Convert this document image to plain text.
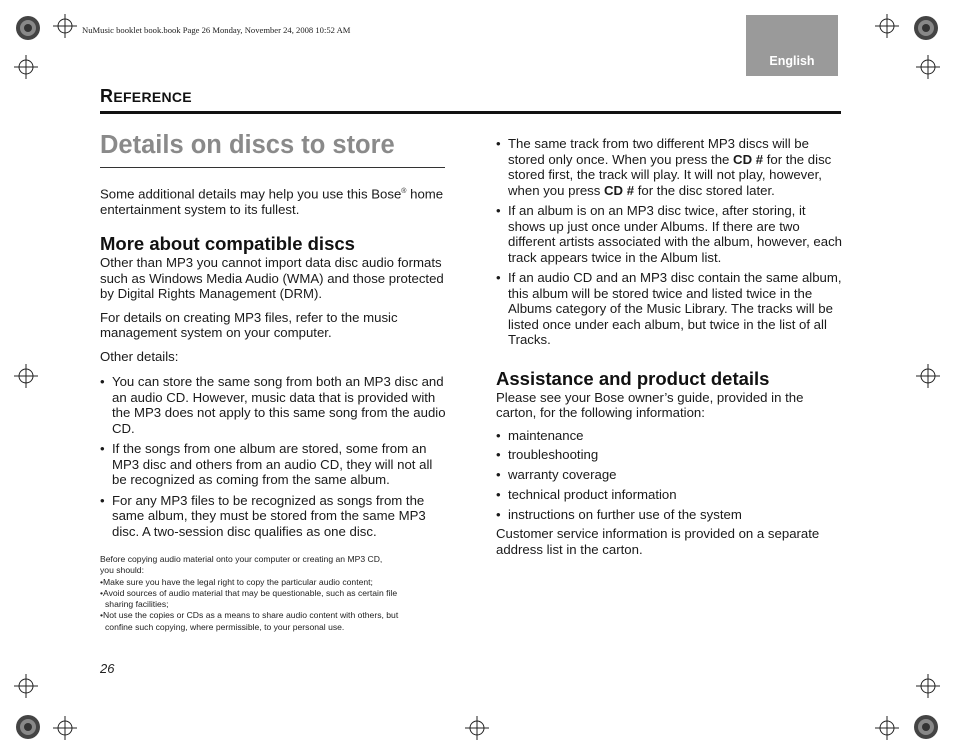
NuMusic booklet book.book Page 26 Monday, November 24, 2008 10:52 AM
English
REFERENCE
Details on discs to store

Some additional details may help you use this Bose® home entertainment system to its fullest.

More about compatible discs

Other than MP3 you cannot import data disc audio formats such as Windows Media Audio (WMA) and those protected by Digital Rights Management (DRM).

For details on creating MP3 files, refer to the music management system on your computer.

Other details:

• You can store the same song from both an MP3 disc and an audio CD. However, music data that is provided with the MP3 does not apply to this same song from the audio CD.
• If the songs from one album are stored, some from an MP3 disc and others from an audio CD, they will not all be recognized as coming from the same album.
• For any MP3 files to be recognized as songs from the same album, they must be stored from the same MP3 disc. A two-session disc qualifies as one disc.
Before copying audio material onto your computer or creating an MP3 CD,
you should:
•Make sure you have the legal right to copy the particular audio content;
•Avoid sources of audio material that may be questionable, such as certain file
sharing facilities;
•Not use the copies or CDs as a means to share audio content with others, but
confine such copying, where permissible, to your personal use.
26
• The same track from two different MP3 discs will be stored only once. When you press the CD # for the disc stored first, the track will play. It will not play, however, when you press CD # for the disc stored later.
• If an album is on an MP3 disc twice, after storing, it shows up just once under Albums. If there are two different artists associated with the album, however, each track appears twice in the Album list.
• If an audio CD and an MP3 disc contain the same album, this album will be stored twice and listed twice in the Albums category of the Music Library. The tracks will be listed once under each album, but twice in the list of all Tracks.
Assistance and product details

Please see your Bose owner’s guide, provided in the carton, for the following information:

• maintenance
• troubleshooting
• warranty coverage
• technical product information
• instructions on further use of the system

Customer service information is provided on a separate address list in the carton.
